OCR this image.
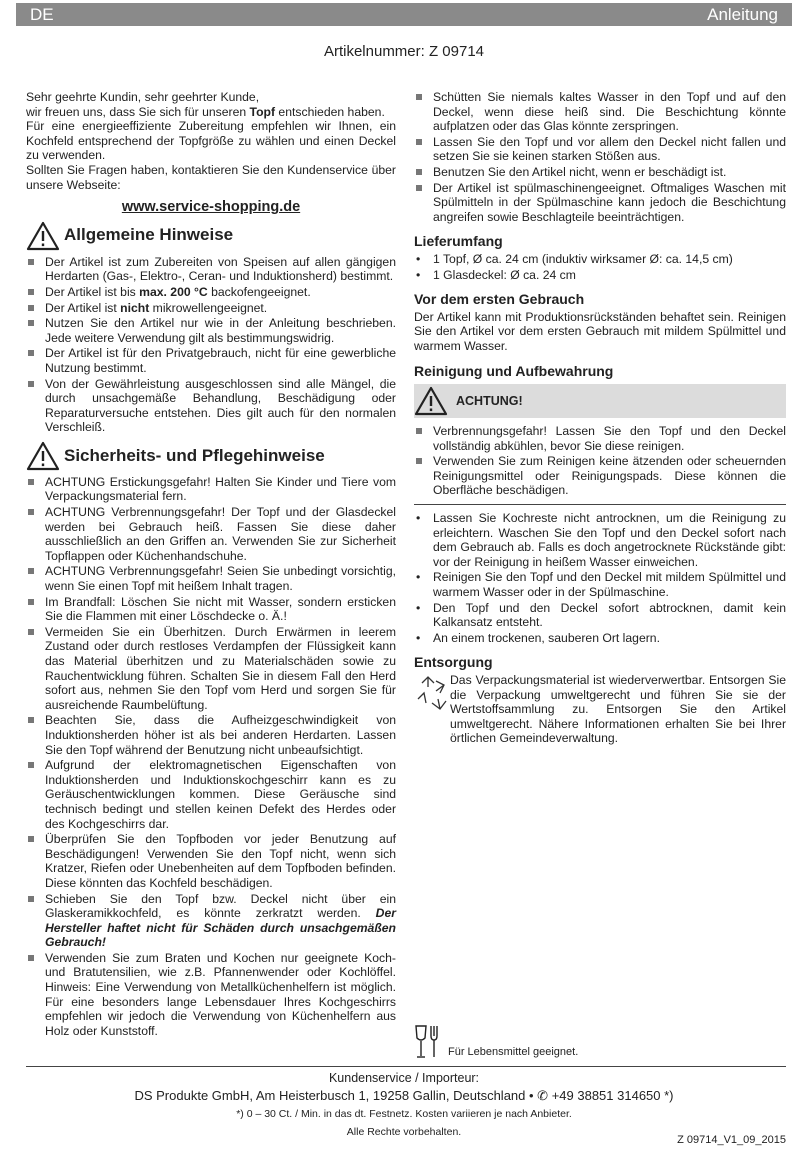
DE	Anleitung
Artikelnummer: Z 09714

Sehr geehrte Kundin, sehr geehrter Kunde,

wir freuen uns, dass Sie sich für unseren Topf entschieden haben.

Für eine energieeffiziente Zubereitung empfehlen wir Ihnen, ein Kochfeld entsprechend der Topfgröße zu wählen und einen Deckel zu verwenden.

Sollten Sie Fragen haben, kontaktieren Sie den Kundenservice über unsere Webseite:

www.service-shopping.de
Allgemeine Hinweise
Der Artikel ist zum Zubereiten von Speisen auf allen gängigen Herdarten (Gas-, Elektro-, Ceran- und Induktionsherd) bestimmt.
Der Artikel ist bis max. 200 °C backofengeeignet.
Der Artikel ist nicht mikrowellengeeignet.
Nutzen Sie den Artikel nur wie in der Anleitung beschrieben. Jede weitere Verwendung gilt als bestimmungswidrig.
Der Artikel ist für den Privatgebrauch, nicht für eine gewerbliche Nutzung bestimmt.
Von der Gewährleistung ausgeschlossen sind alle Mängel, die durch unsachgemäße Behandlung, Beschädigung oder Reparaturversuche entstehen. Dies gilt auch für den normalen Verschleiß.
Sicherheits- und Pflegehinweise
ACHTUNG Erstickungsgefahr! Halten Sie Kinder und Tiere vom Verpackungsmaterial fern.
ACHTUNG Verbrennungsgefahr! Der Topf und der Glasdeckel werden bei Gebrauch heiß. Fassen Sie diese daher ausschließlich an den Griffen an. Verwenden Sie zur Sicherheit Topflappen oder Küchenhandschuhe.
ACHTUNG Verbrennungsgefahr! Seien Sie unbedingt vorsichtig, wenn Sie einen Topf mit heißem Inhalt tragen.
Im Brandfall: Löschen Sie nicht mit Wasser, sondern ersticken Sie die Flammen mit einer Löschdecke o. Ä.!
Vermeiden Sie ein Überhitzen. Durch Erwärmen in leerem Zustand oder durch restloses Verdampfen der Flüssigkeit kann das Material überhitzen und zu Materialschäden sowie zu Rauchentwicklung führen. Schalten Sie in diesem Fall den Herd sofort aus, nehmen Sie den Topf vom Herd und sorgen Sie für ausreichende Raumbelüftung.
Beachten Sie, dass die Aufheizgeschwindigkeit von Induktionsherden höher ist als bei anderen Herdarten. Lassen Sie den Topf während der Benutzung nicht unbeaufsichtigt.
Aufgrund der elektromagnetischen Eigenschaften von Induktionsherden und Induktionskochgeschirr kann es zu Geräuschentwicklungen kommen. Diese Geräusche sind technisch bedingt und stellen keinen Defekt des Herdes oder des Kochgeschirrs dar.
Überprüfen Sie den Topfboden vor jeder Benutzung auf Beschädigungen! Verwenden Sie den Topf nicht, wenn sich Kratzer, Riefen oder Unebenheiten auf dem Topfboden befinden. Diese könnten das Kochfeld beschädigen.
Schieben Sie den Topf bzw. Deckel nicht über ein Glaskeramikkochfeld, es könnte zerkratzt werden. Der Hersteller haftet nicht für Schäden durch unsachgemäßen Gebrauch!
Verwenden Sie zum Braten und Kochen nur geeignete Koch- und Bratutensilien, wie z.B. Pfannenwender oder Kochlöffel. Hinweis: Eine Verwendung von Metallküchenhelfern ist möglich. Für eine besonders lange Lebensdauer Ihres Kochgeschirrs empfehlen wir jedoch die Verwendung von Küchenhelfern aus Holz oder Kunststoff.
Schütten Sie niemals kaltes Wasser in den Topf und auf den Deckel, wenn diese heiß sind. Die Beschichtung könnte aufplatzen oder das Glas könnte zerspringen.
Lassen Sie den Topf und vor allem den Deckel nicht fallen und setzen Sie sie keinen starken Stößen aus.
Benutzen Sie den Artikel nicht, wenn er beschädigt ist.
Der Artikel ist spülmaschinengeeignet. Oftmaliges Waschen mit Spülmitteln in der Spülmaschine kann jedoch die Beschichtung angreifen sowie Beschlagteile beeinträchtigen.
Lieferumfang
• 1 Topf, Ø ca. 24 cm (induktiv wirksamer Ø: ca. 14,5 cm)
• 1 Glasdeckel: Ø ca. 24 cm
Vor dem ersten Gebrauch

Der Artikel kann mit Produktionsrückständen behaftet sein. Reinigen Sie den Artikel vor dem ersten Gebrauch mit mildem Spülmittel und warmem Wasser.

Reinigung und Aufbewahrung
ACHTUNG!
Verbrennungsgefahr! Lassen Sie den Topf und den Deckel vollständig abkühlen, bevor Sie diese reinigen.
Verwenden Sie zum Reinigen keine ätzenden oder scheuernden Reinigungsmittel oder Reinigungspads. Diese können die Oberfläche beschädigen.
• Lassen Sie Kochreste nicht antrocknen, um die Reinigung zu erleichtern. Waschen Sie den Topf und den Deckel sofort nach dem Gebrauch ab. Falls es doch angetrocknete Rückstände gibt: vor der Reinigung in heißem Wasser einweichen.
• Reinigen Sie den Topf und den Deckel mit mildem Spülmittel und warmem Wasser oder in der Spülmaschine.
• Den Topf und den Deckel sofort abtrocknen, damit kein Kalkansatz entsteht.
• An einem trockenen, sauberen Ort lagern.
Entsorgung

Das Verpackungsmaterial ist wiederverwertbar. Entsorgen Sie die Verpackung umweltgerecht und führen Sie sie der Wertstoffsammlung zu. Entsorgen Sie den Artikel umweltgerecht. Nähere Informationen erhalten Sie bei Ihrer örtlichen Gemeindeverwaltung.

Für Lebensmittel geeignet.
Kundenservice / Importeur:
DS Produkte GmbH, Am Heisterbusch 1, 19258 Gallin, Deutschland • ✆ +49 38851 314650 *)
*) 0 – 30 Ct. / Min. in das dt. Festnetz. Kosten variieren je nach Anbieter.
Alle Rechte vorbehalten.
Z 09714_V1_09_2015
